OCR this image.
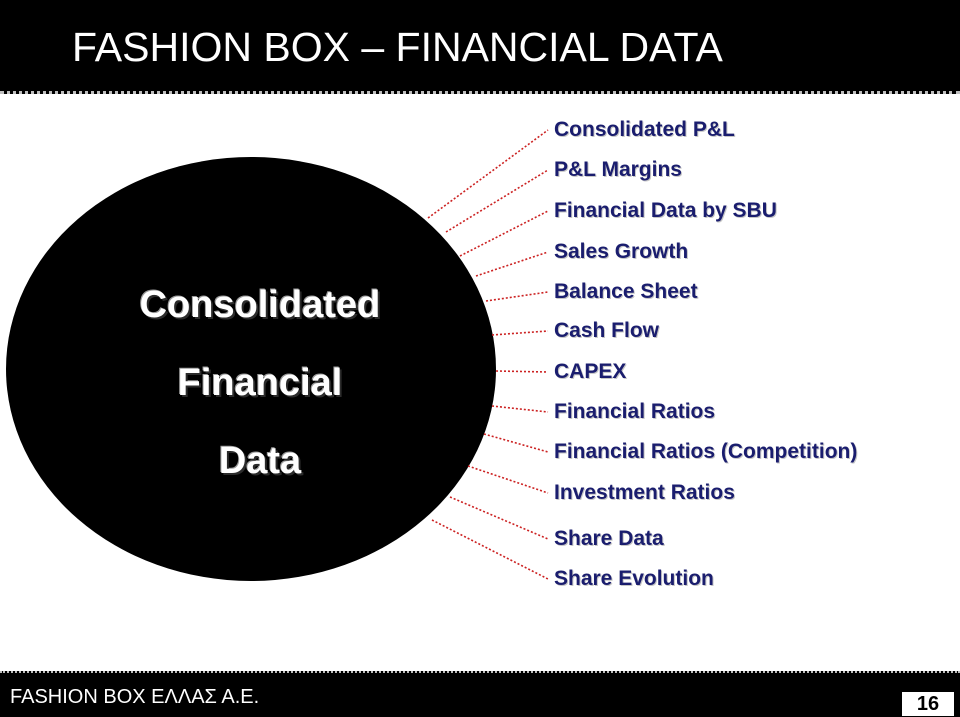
FASHION BOX – FINANCIAL DATA
Consolidated
Financial
Data
Consolidated P&L
P&L Margins
Financial Data by SBU
Sales Growth
Balance Sheet
Cash Flow
CAPEX
Financial Ratios
Financial Ratios (Competition)
Investment Ratios
Share Data
Share Evolution
FASHION BOX ΕΛΛΑΣ Α.Ε.	16
